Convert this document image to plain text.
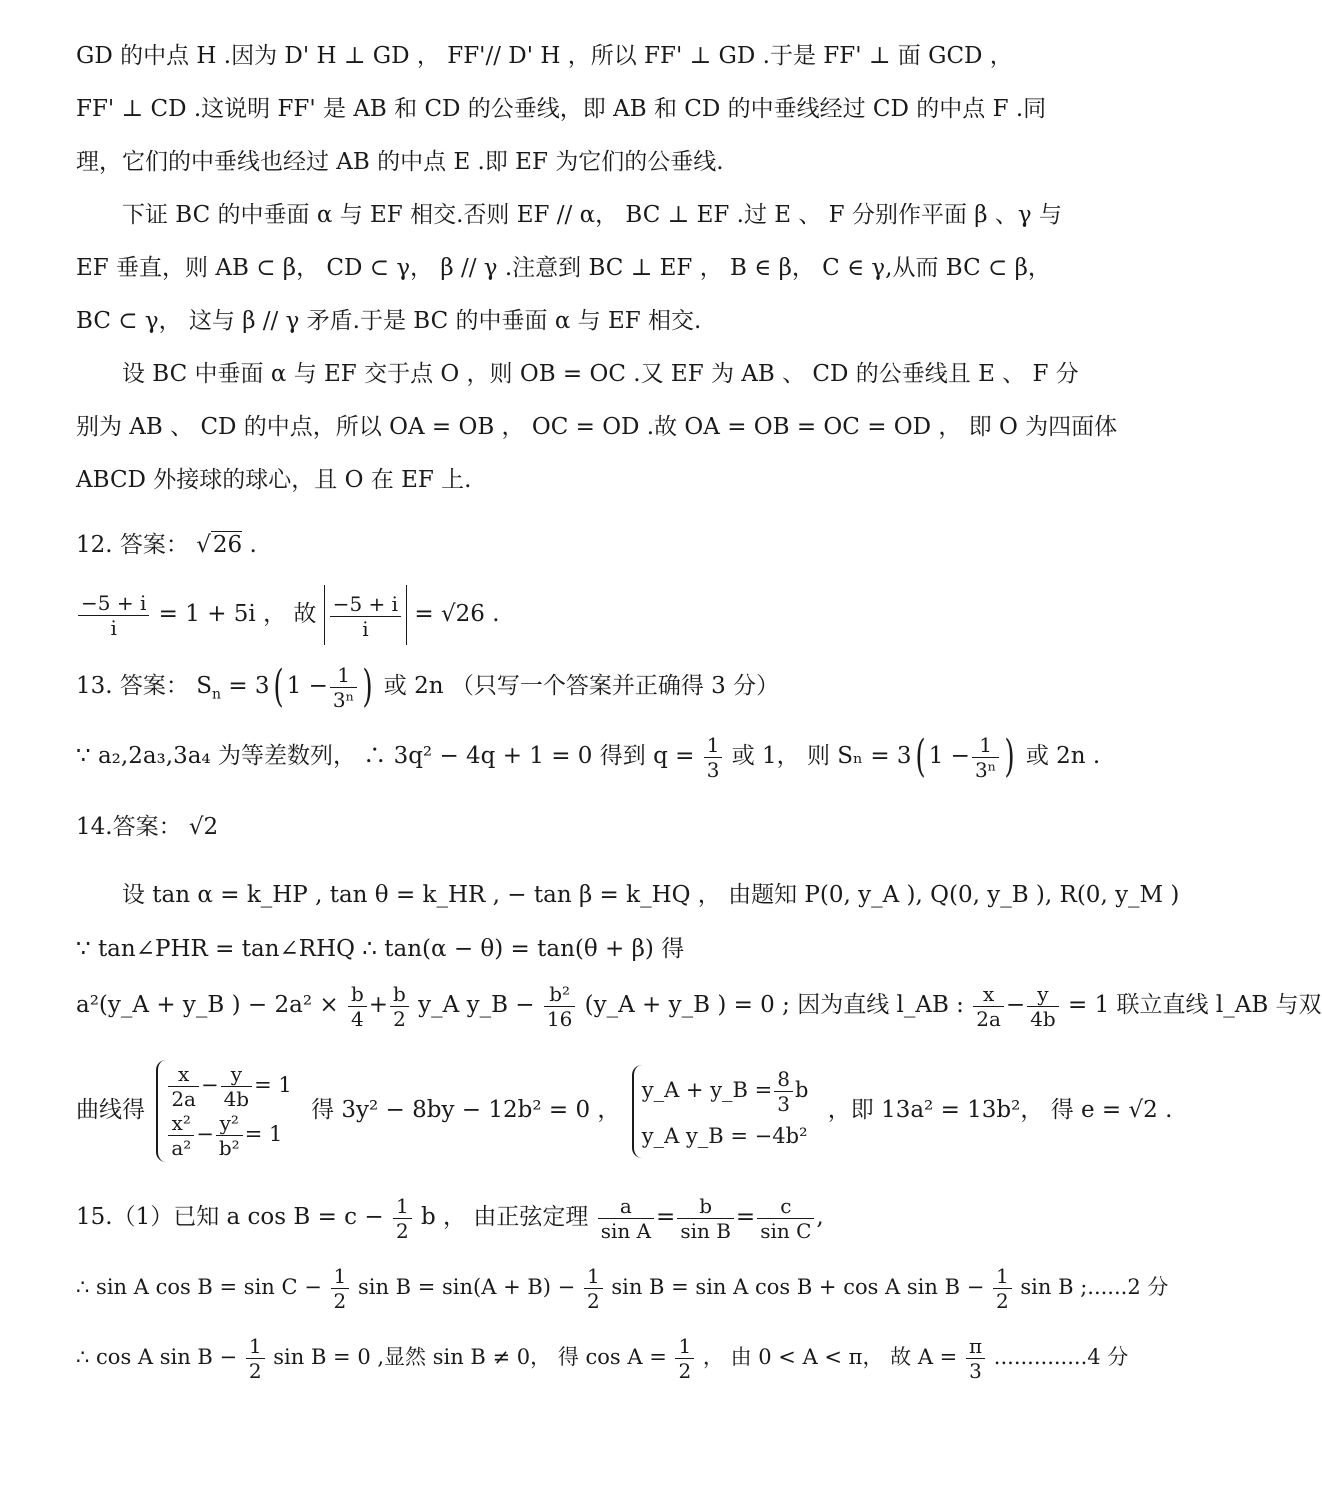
GD 的中点 H .因为 D' H ⊥ GD ， FF'// D' H ，所以 FF' ⊥ GD .于是 FF' ⊥ 面 GCD ，
FF' ⊥ CD .这说明 FF' 是 AB 和 CD 的公垂线，即 AB 和 CD 的中垂线经过 CD 的中点 F .同
理，它们的中垂线也经过 AB 的中点 E .即 EF 为它们的公垂线.
下证 BC 的中垂面 α 与 EF 相交.否则 EF // α， BC ⊥ EF .过 E 、 F 分别作平面 β 、γ 与
EF 垂直，则 AB ⊂ β， CD ⊂ γ， β // γ .注意到 BC ⊥ EF ， B ∈ β， C ∈ γ,从而 BC ⊂ β，
BC ⊂ γ， 这与 β // γ 矛盾.于是 BC 的中垂面 α 与 EF 相交.
设 BC 中垂面 α 与 EF 交于点 O ，则 OB = OC .又 EF 为 AB 、 CD 的公垂线且 E 、 F 分
别为 AB 、 CD 的中点，所以 OA = OB ， OC = OD .故 OA = OB = OC = OD ， 即 O 为四面体
ABCD 外接球的球心，且 O 在 EF 上.
12. 答案： √26 .
$\frac{-5 + i}{i} = 1 + 5i$ ， 故 $\frac{-5 + i}{i} = √26$ .
13. 答案： $S_n = 3$( $1 - \frac{1}{\text{3ⁿ}}$ ) 或 2n （只写一个答案并正确得 3 分）
∵ a₂,2a₃,3a₄ 为等差数列， ∴ 3q² − 4q + 1 = 0 得到 $q = \frac{1}{3}$ 或 1， 则 Sₙ = 3( $1 - \frac{1}{\text{3ⁿ}}$ ) 或 2n .
14.答案： √2
设 tan α = k_HP , tan θ = k_HR , − tan β = k_HQ ， 由题知 P(0, y_A ), Q(0, y_B ), R(0, y_M )
∵ tan∠PHR = tan∠RHQ ∴ tan(α − θ) = tan(θ + β) 得
a²(y_A + y_B ) − $2a^2 \times \frac{b}{4} + \frac{b}{2}$ y_A y_B − $\frac{\text{b²}}{16}$ (y_A + y_B ) = 0 ; 因为直线 l_AB : $\frac{x}{2a} - \frac{y}{4b} = 1$ 联立直线 l_AB 与双
曲线得 $\frac{x}{2a} - \frac{y}{4b} = 1$
$\frac{\text{x²}}{\text{a²}} - \frac{\text{y²}}{\text{b²}} = 1$
得 3y² − 8by − 12b² = 0 ，
y_A + y_B = $\frac{8}{3}$ b
y_A y_B = −4b²
，即 13a² = 13b²， 得 e = √2 .
15.（1）已知 a $\cos B = c - \frac{1}{2}$ b ， 由正弦定理 $\frac{a}{\text{sin A}} = \frac{b}{\text{sin B}} = \frac{c}{\text{sin C}}$ ,
∴ sin A $\cos B = \sin C - \frac{1}{2}$ $\sin B = \sin(A + B) - \frac{1}{2}$ sin B = sin A cos B + cos A $\sin B - \frac{1}{2}$ sin B ;......2 分
∴ cos A $\sin B - \frac{1}{2}$ sin B = 0 ,显然 sin B ≠ 0， 得 $\cos A = \frac{1}{2}$ ， 由 0 < A < π， 故 $A = \frac{\pi}{3} ..............4$ 分
